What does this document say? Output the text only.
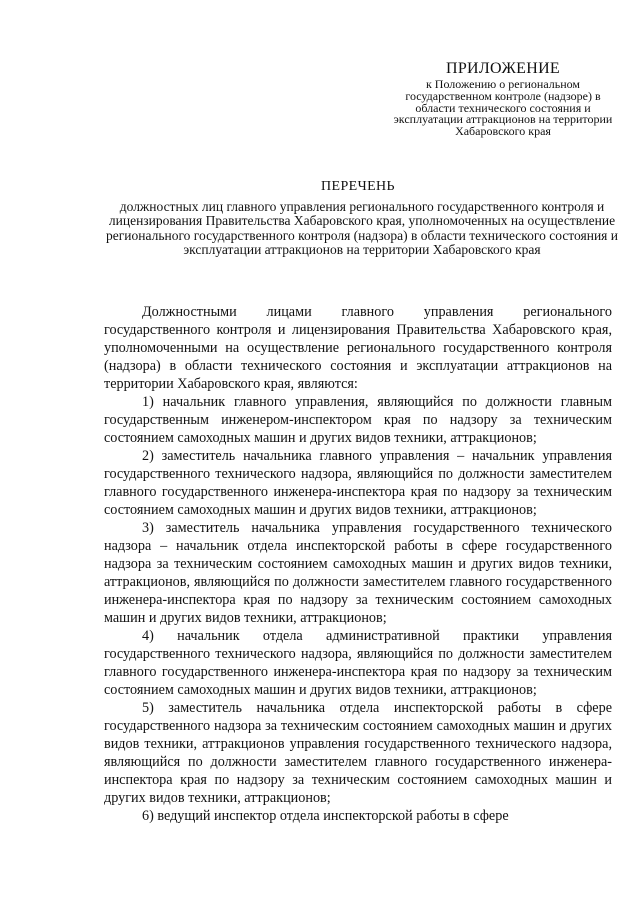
ПРИЛОЖЕНИЕ
к Положению о региональном государственном контроле (надзоре) в области технического состояния и эксплуатации аттракционов на территории Хабаровского края
ПЕРЕЧЕНЬ
должностных лиц главного управления регионального государственного контроля и лицензирования Правительства Хабаровского края, уполномоченных на осуществление регионального государственного контроля (надзора) в области технического состояния и эксплуатации аттракционов на территории Хабаровского края

Должностными лицами главного управления регионального государственного контроля и лицензирования Правительства Хабаровского края, уполномоченными на осуществление регионального государственного контроля (надзора) в области технического состояния и эксплуатации аттракционов на территории Хабаровского края, являются:

1) начальник главного управления, являющийся по должности главным государственным инженером-инспектором края по надзору за техническим состоянием самоходных машин и других видов техники, аттракционов;

2) заместитель начальника главного управления – начальник управления государственного технического надзора, являющийся по должности заместителем главного государственного инженера-инспектора края по надзору за техническим состоянием самоходных машин и других видов техники, аттракционов;

3) заместитель начальника управления государственного технического надзора – начальник отдела инспекторской работы в сфере государственного надзора за техническим состоянием самоходных машин и других видов техники, аттракционов, являющийся по должности заместителем главного государственного инженера-инспектора края по надзору за техническим состоянием самоходных машин и других видов техники, аттракционов;

4) начальник отдела административной практики управления государственного технического надзора, являющийся по должности заместителем главного государственного инженера-инспектора края по надзору за техническим состоянием самоходных машин и других видов техники, аттракционов;

5) заместитель начальника отдела инспекторской работы в сфере государственного надзора за техническим состоянием самоходных машин и других видов техники, аттракционов управления государственного технического надзора, являющийся по должности заместителем главного государственного инженера-инспектора края по надзору за техническим состоянием самоходных машин и других видов техники, аттракционов;

6) ведущий инспектор отдела инспекторской работы в сфере
